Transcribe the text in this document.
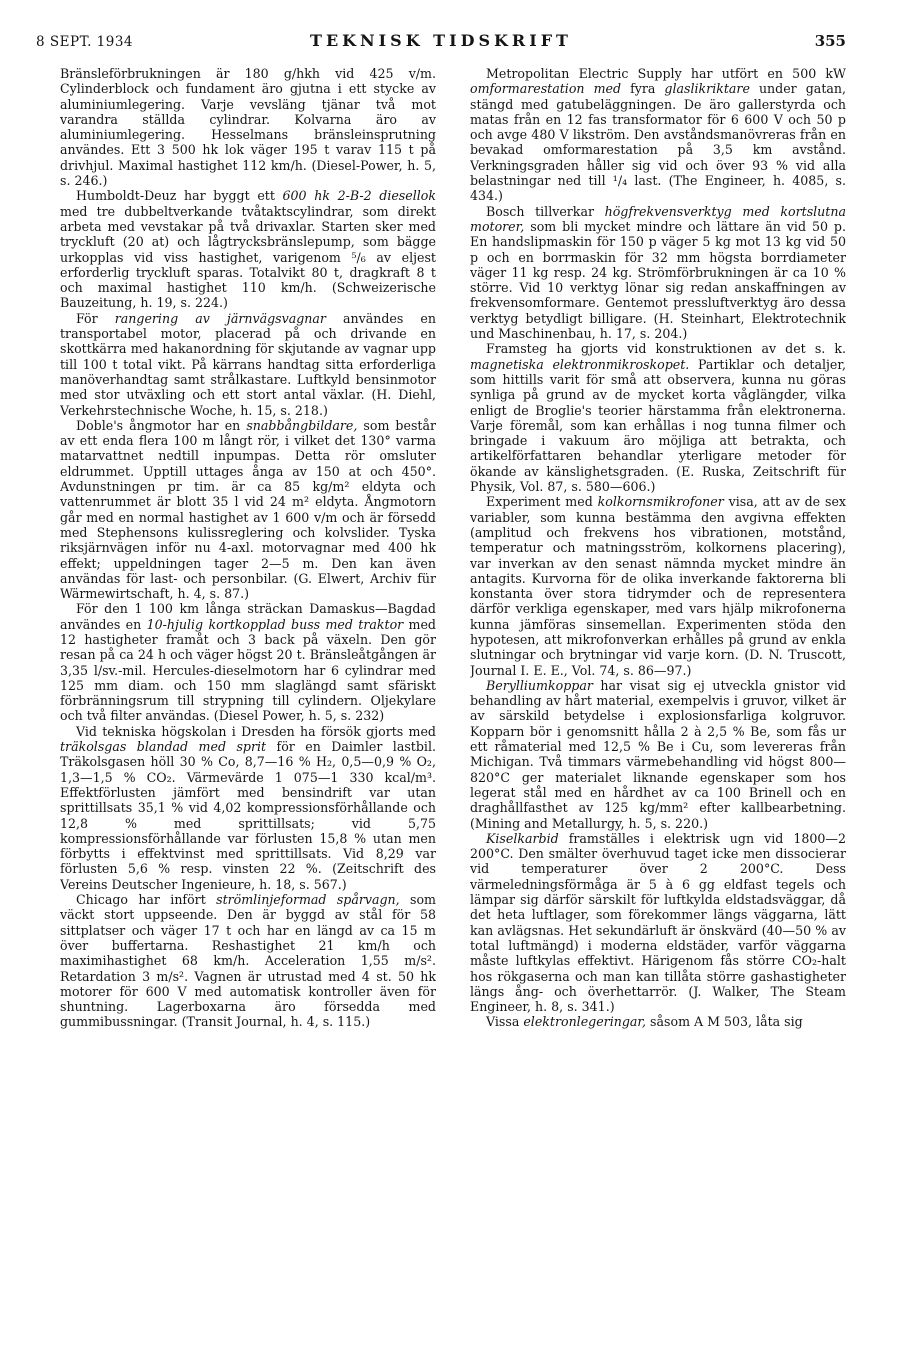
8 SEPT. 1934	TEKNISK TIDSKRIFT	355

Bränsleförbrukningen är 180 g/hkh vid 425 v/m. Cylinderblock och fundament äro gjutna i ett stycke av aluminiumlegering. Varje vevsläng tjänar två mot varandra ställda cylindrar. Kolvarna äro av aluminiumlegering. Hesselmans bränsleinsprutning användes. Ett 3 500 hk lok väger 195 t varav 115 t på drivhjul. Maximal hastighet 112 km/h. (Diesel-Power, h. 5, s. 246.)

Humboldt-Deuz har byggt ett 600 hk 2-B-2 diesellok med tre dubbeltverkande tvåtaktscylindrar, som direkt arbeta med vevstakar på två drivaxlar. Starten sker med tryckluft (20 at) och lågtrycksbränslepump, som bägge urkopplas vid viss hastighet, varigenom ⁵/₆ av eljest erforderlig tryckluft sparas. Totalvikt 80 t, dragkraft 8 t och maximal hastighet 110 km/h. (Schweizerische Bauzeitung, h. 19, s. 224.)

För rangering av järnvägsvagnar användes en transportabel motor, placerad på och drivande en skottkärra med hakanordning för skjutande av vagnar upp till 100 t total vikt. På kärrans handtag sitta erforderliga manöverhandtag samt strålkastare. Luftkyld bensinmotor med stor utväxling och ett stort antal växlar. (H. Diehl, Verkehrstechnische Woche, h. 15, s. 218.)

Doble's ångmotor har en snabbångbildare, som består av ett enda flera 100 m långt rör, i vilket det 130° varma matarvattnet nedtill inpumpas. Detta rör omsluter eldrummet. Upptill uttages ånga av 150 at och 450°. Avdunstningen pr tim. är ca 85 kg/m² eldyta och vattenrummet är blott 35 l vid 24 m² eldyta. Ångmotorn går med en normal hastighet av 1 600 v/m och är försedd med Stephensons kulissreglering och kolvslider. Tyska riksjärnvägen inför nu 4-axl. motorvagnar med 400 hk effekt; uppeldningen tager 2—5 m. Den kan även användas för last- och personbilar. (G. Elwert, Archiv für Wärmewirtschaft, h. 4, s. 87.)

För den 1 100 km långa sträckan Damaskus—Bagdad användes en 10-hjulig kortkopplad buss med traktor med 12 hastigheter framåt och 3 back på växeln. Den gör resan på ca 24 h och väger högst 20 t. Bränsleåtgången är 3,35 l/sv.-mil. Hercules-dieselmotorn har 6 cylindrar med 125 mm diam. och 150 mm slaglängd samt sfäriskt förbränningsrum till strypning till cylindern. Oljekylare och två filter användas. (Diesel Power, h. 5, s. 232)

Vid tekniska högskolan i Dresden ha försök gjorts med träkolsgas blandad med sprit för en Daimler lastbil. Träkolsgasen höll 30 % Co, 8,7—16 % H₂, 0,5—0,9 % O₂, 1,3—1,5 % CO₂. Värmevärde 1 075—1 330 kcal/m³. Effektförlusten jämfört med bensindrift var utan sprittillsats 35,1 % vid 4,02 kompressionsförhållande och 12,8 % med sprittillsats; vid 5,75 kompressionsförhållande var förlusten 15,8 % utan men förbytts i effektvinst med sprittillsats. Vid 8,29 var förlusten 5,6 % resp. vinsten 22 %. (Zeitschrift des Vereins Deutscher Ingenieure, h. 18, s. 567.)

Chicago har infört strömlinjeformad spårvagn, som väckt stort uppseende. Den är byggd av stål för 58 sittplatser och väger 17 t och har en längd av ca 15 m över buffertarna. Reshastighet 21 km/h och maximihastighet 68 km/h. Acceleration 1,55 m/s². Retardation 3 m/s². Vagnen är utrustad med 4 st. 50 hk motorer för 600 V med automatisk kontroller även för shuntning. Lagerboxarna äro försedda med gummibussningar. (Transit Journal, h. 4, s. 115.)

Metropolitan Electric Supply har utfört en 500 kW omformarestation med fyra glaslikriktare under gatan, stängd med gatubeläggningen. De äro gallerstyrda och matas från en 12 fas transformator för 6 600 V och 50 p och avge 480 V likström. Den avståndsmanövreras från en bevakad omformarestation på 3,5 km avstånd. Verkningsgraden håller sig vid och över 93 % vid alla belastningar ned till ¹/₄ last. (The Engineer, h. 4085, s. 434.)

Bosch tillverkar högfrekvensverktyg med kortslutna motorer, som bli mycket mindre och lättare än vid 50 p. En handslipmaskin för 150 p väger 5 kg mot 13 kg vid 50 p och en borrmaskin för 32 mm högsta borrdiameter väger 11 kg resp. 24 kg. Strömförbrukningen är ca 10 % större. Vid 10 verktyg lönar sig redan anskaffningen av frekvensomformare. Gentemot pressluftverktyg äro dessa verktyg betydligt billigare. (H. Steinhart, Elektrotechnik und Maschinenbau, h. 17, s. 204.)

Framsteg ha gjorts vid konstruktionen av det s. k. magnetiska elektronmikroskopet. Partiklar och detaljer, som hittills varit för små att observera, kunna nu göras synliga på grund av de mycket korta våglängder, vilka enligt de Broglie's teorier härstamma från elektronerna. Varje föremål, som kan erhållas i nog tunna filmer och bringade i vakuum äro möjliga att betrakta, och artikelförfattaren behandlar yterligare metoder för ökande av känslighetsgraden. (E. Ruska, Zeitschrift für Physik, Vol. 87, s. 580—606.)

Experiment med kolkornsmikrofoner visa, att av de sex variabler, som kunna bestämma den avgivna effekten (amplitud och frekvens hos vibrationen, motstånd, temperatur och matningsström, kolkornens placering), var inverkan av den senast nämnda mycket mindre än antagits. Kurvorna för de olika inverkande faktorerna bli konstanta över stora tidrymder och de representera därför verkliga egenskaper, med vars hjälp mikrofonerna kunna jämföras sinsemellan. Experimenten stöda den hypotesen, att mikrofonverkan erhålles på grund av enkla slutningar och brytningar vid varje korn. (D. N. Truscott, Journal I. E. E., Vol. 74, s. 86—97.)

Berylliumkoppar har visat sig ej utveckla gnistor vid behandling av hårt material, exempelvis i gruvor, vilket är av särskild betydelse i explosionsfarliga kolgruvor. Kopparn bör i genomsnitt hålla 2 à 2,5 % Be, som fås ur ett råmaterial med 12,5 % Be i Cu, som levereras från Michigan. Två timmars värmebehandling vid högst 800—820°C ger materialet liknande egenskaper som hos legerat stål med en hårdhet av ca 100 Brinell och en draghållfasthet av 125 kg/mm² efter kallbearbetning. (Mining and Metallurgy, h. 5, s. 220.)

Kiselkarbid framställes i elektrisk ugn vid 1800—2 200°C. Den smälter överhuvud taget icke men dissocierar vid temperaturer över 2 200°C. Dess värmeledningsförmåga är 5 à 6 gg eldfast tegels och lämpar sig därför särskilt för luftkylda eldstadsväggar, då det heta luftlager, som förekommer längs väggarna, lätt kan avlägsnas. Het sekundärluft är önskvärd (40—50 % av total luftmängd) i moderna eldstäder, varför väggarna måste luftkylas effektivt. Härigenom fås större CO₂-halt hos rökgaserna och man kan tillåta större gashastigheter längs ång- och överhettarrör. (J. Walker, The Steam Engineer, h. 8, s. 341.)

Vissa elektronlegeringar, såsom A M 503, låta sig
